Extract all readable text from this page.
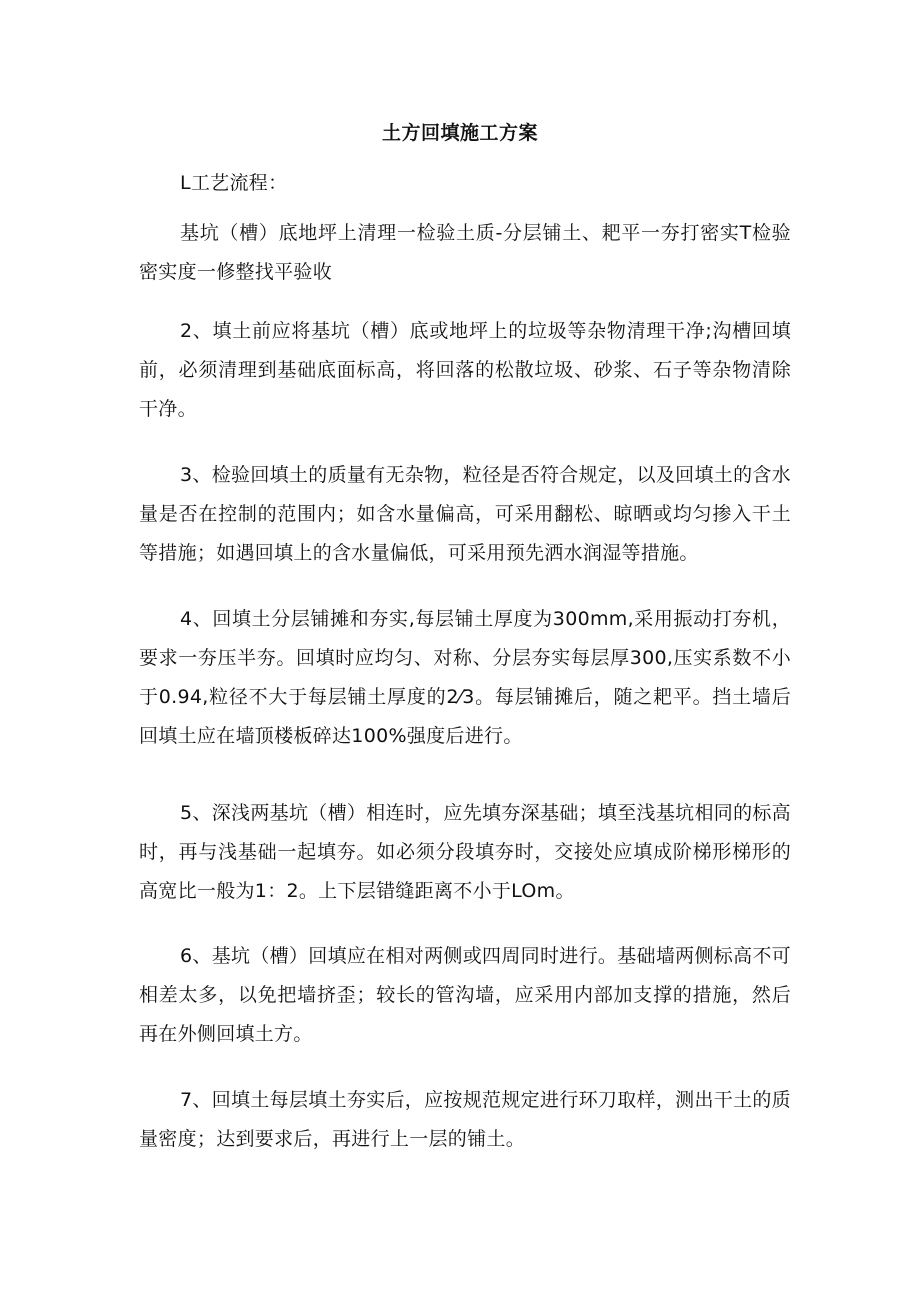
土方回填施工方案

L工艺流程：

基坑（槽）底地坪上清理一检验土质-分层铺土、耙平一夯打密实T检验密实度一修整找平验收

2、填土前应将基坑（槽）底或地坪上的垃圾等杂物清理干净;沟槽回填前，必须清理到基础底面标高，将回落的松散垃圾、砂浆、石子等杂物清除干净。

3、检验回填土的质量有无杂物，粒径是否符合规定，以及回填土的含水量是否在控制的范围内；如含水量偏高，可采用翻松、晾晒或均匀掺入干土等措施；如遇回填上的含水量偏低，可采用预先洒水润湿等措施。

4、回填土分层铺摊和夯实,每层铺土厚度为300mm,采用振动打夯机，要求一夯压半夯。回填时应均匀、对称、分层夯实每层厚300,压实系数不小于0.94,粒径不大于每层铺土厚度的2⁄3。每层铺摊后，随之耙平。挡土墙后回填土应在墙顶楼板碎达100%强度后进行。

5、深浅两基坑（槽）相连时，应先填夯深基础；填至浅基坑相同的标高时，再与浅基础一起填夯。如必须分段填夯时，交接处应填成阶梯形梯形的高宽比一般为1：2。上下层错缝距离不小于LOm。

6、基坑（槽）回填应在相对两侧或四周同时进行。基础墙两侧标高不可相差太多，以免把墙挤歪；较长的管沟墙，应采用内部加支撑的措施，然后再在外侧回填土方。

7、回填土每层填土夯实后，应按规范规定进行环刀取样，测出干土的质量密度；达到要求后，再进行上一层的铺土。
